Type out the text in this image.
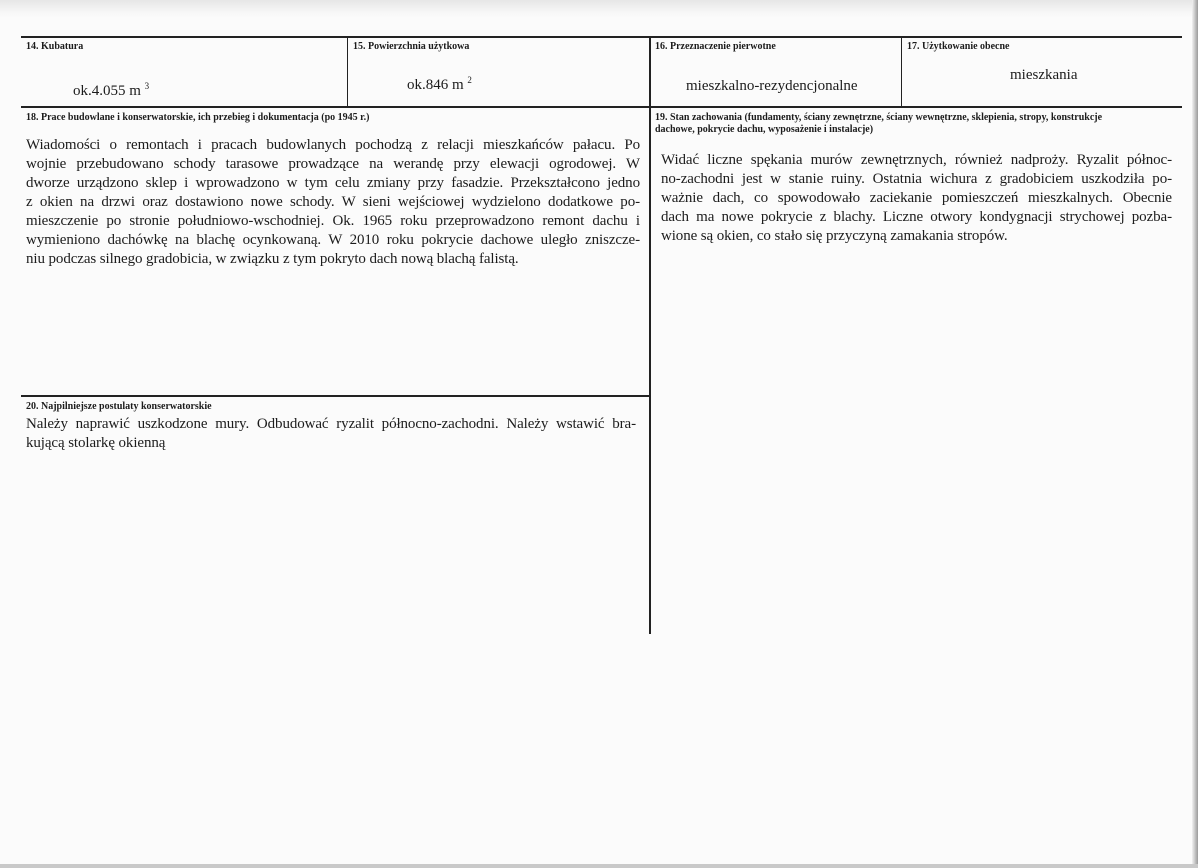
14. Kubatura
ok.4.055 m $^3$
15. Powierzchnia użytkowa
ok.846 m $^2$
16. Przeznaczenie pierwotne
mieszkalno-rezydencjonalne
17. Użytkowanie obecne
mieszkania
18. Prace budowlane i konserwatorskie, ich przebieg i dokumentacja (po 1945 r.)
Wiadomości o remontach i pracach budowlanych pochodzą z relacji mieszkańców pałacu. Po
wojnie przebudowano schody tarasowe prowadzące na werandę przy elewacji ogrodowej. W
dworze urządzono sklep i wprowadzono w tym celu zmiany przy fasadzie. Przekształcono jedno
z okien na drzwi oraz dostawiono nowe schody. W sieni wejściowej wydzielono dodatkowe po-
mieszczenie po stronie południowo-wschodniej. Ok. 1965 roku przeprowadzono remont dachu i
wymieniono dachówkę na blachę ocynkowaną. W 2010 roku pokrycie dachowe uległo zniszcze-
niu podczas silnego gradobicia, w związku z tym pokryto dach nową blachą falistą.
19. Stan zachowania (fundamenty, ściany zewnętrzne, ściany wewnętrzne, sklepienia, stropy, konstrukcje
dachowe, pokrycie dachu, wyposażenie i instalacje)
Widać liczne spękania murów zewnętrznych, również nadproży. Ryzalit północ-
no-zachodni jest w stanie ruiny. Ostatnia wichura z gradobiciem uszkodziła po-
ważnie dach, co spowodowało zaciekanie pomieszczeń mieszkalnych. Obecnie
dach ma nowe pokrycie z blachy. Liczne otwory kondygnacji strychowej pozba-
wione są okien, co stało się przyczyną zamakania stropów.
20. Najpilniejsze postulaty konserwatorskie
Należy naprawić uszkodzone mury. Odbudować ryzalit północno-zachodni. Należy wstawić bra-
kującą stolarkę okienną
